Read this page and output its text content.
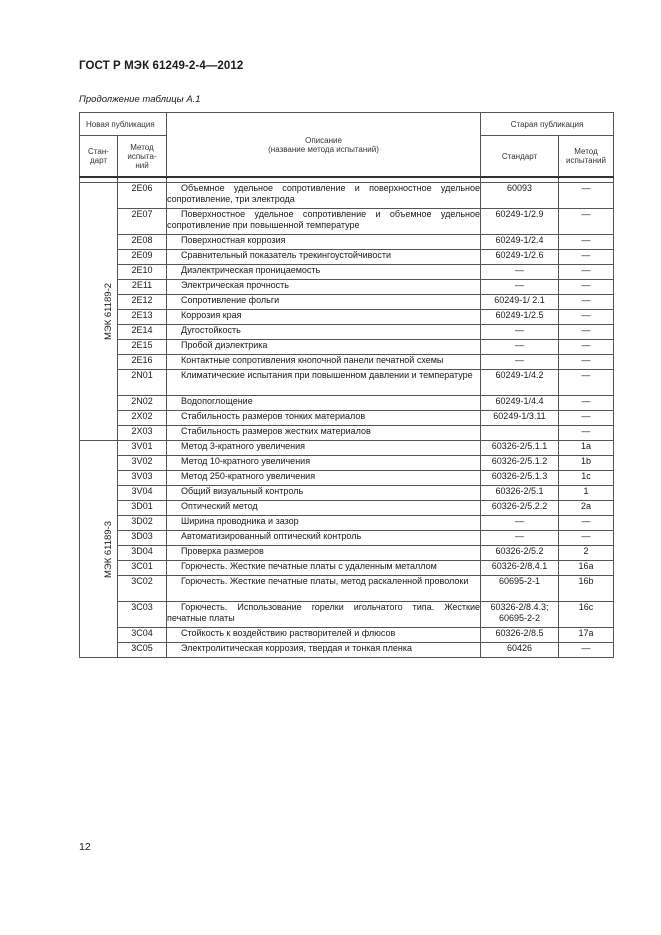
ГОСТ Р МЭК 61249-2-4—2012
Продолжение таблицы А.1
Новая публикация		Описание
(название метода испытаний)	Старая публикация	
Стан-
дарт	Метод
испыта-
ний		Стандарт	Метод
испытаний

МЭК 61189-2	2E06	Объемное удельное сопротивление и поверхностное удельное сопротивление, три электрода	60093	—
	2E07	Поверхностное удельное сопротивление и объемное удельное сопротивление при повышенной температуре	60249-1/2.9	—
	2E08	Поверхностная коррозия	60249-1/2.4	—
	2E09	Сравнительный показатель трекингоустойчивости	60249-1/2.6	—
	2E10	Диэлектрическая проницаемость	—	—
	2E11	Электрическая прочность	—	—
	2E12	Сопротивление фольги	60249-1/ 2.1	—
	2E13	Коррозия края	60249-1/2.5	—
	2E14	Дугостойкость	—	—
	2E15	Пробой диэлектрика	—	—
	2E16	Контактные сопротивления кнопочной панели печатной схемы	—	—
	2N01	Климатические испытания при повышенном давлении и температуре	60249-1/4.2	—
	2N02	Водопоглощение	60249-1/4.4	—
	2X02	Стабильность размеров тонких материалов	60249-1/3.11	—
	2X03	Стабильность размеров жестких материалов		—
МЭК 61189-3	3V01	Метод 3-кратного увеличения	60326-2/5.1.1	1a
	3V02	Метод 10-кратного увеличения	60326-2/5.1.2	1b
	3V03	Метод 250-кратного увеличения	60326-2/5.1.3	1c
	3V04	Общий визуальный контроль	60326-2/5.1	1
	3D01	Оптический метод	60326-2/5.2.2	2a
	3D02	Ширина проводника и зазор	—	—
	3D03	Автоматизированный оптический контроль	—	—
	3D04	Проверка размеров	60326-2/5.2	2
	3C01	Горючесть. Жесткие печатные платы с удаленным металлом	60326-2/8.4.1	16a
	3C02	Горючесть. Жесткие печатные платы, метод раскаленной проволоки	60695-2-1	16b
	3C03	Горючесть. Использование горелки игольчатого типа. Жесткие печатные платы	60326-2/8.4.3;
60695-2-2	16c
	3C04	Стойкость к воздействию растворителей и флюсов	60326-2/8.5	17a
	3C05	Электролитическая коррозия, твердая и тонкая пленка	60426	—
12
